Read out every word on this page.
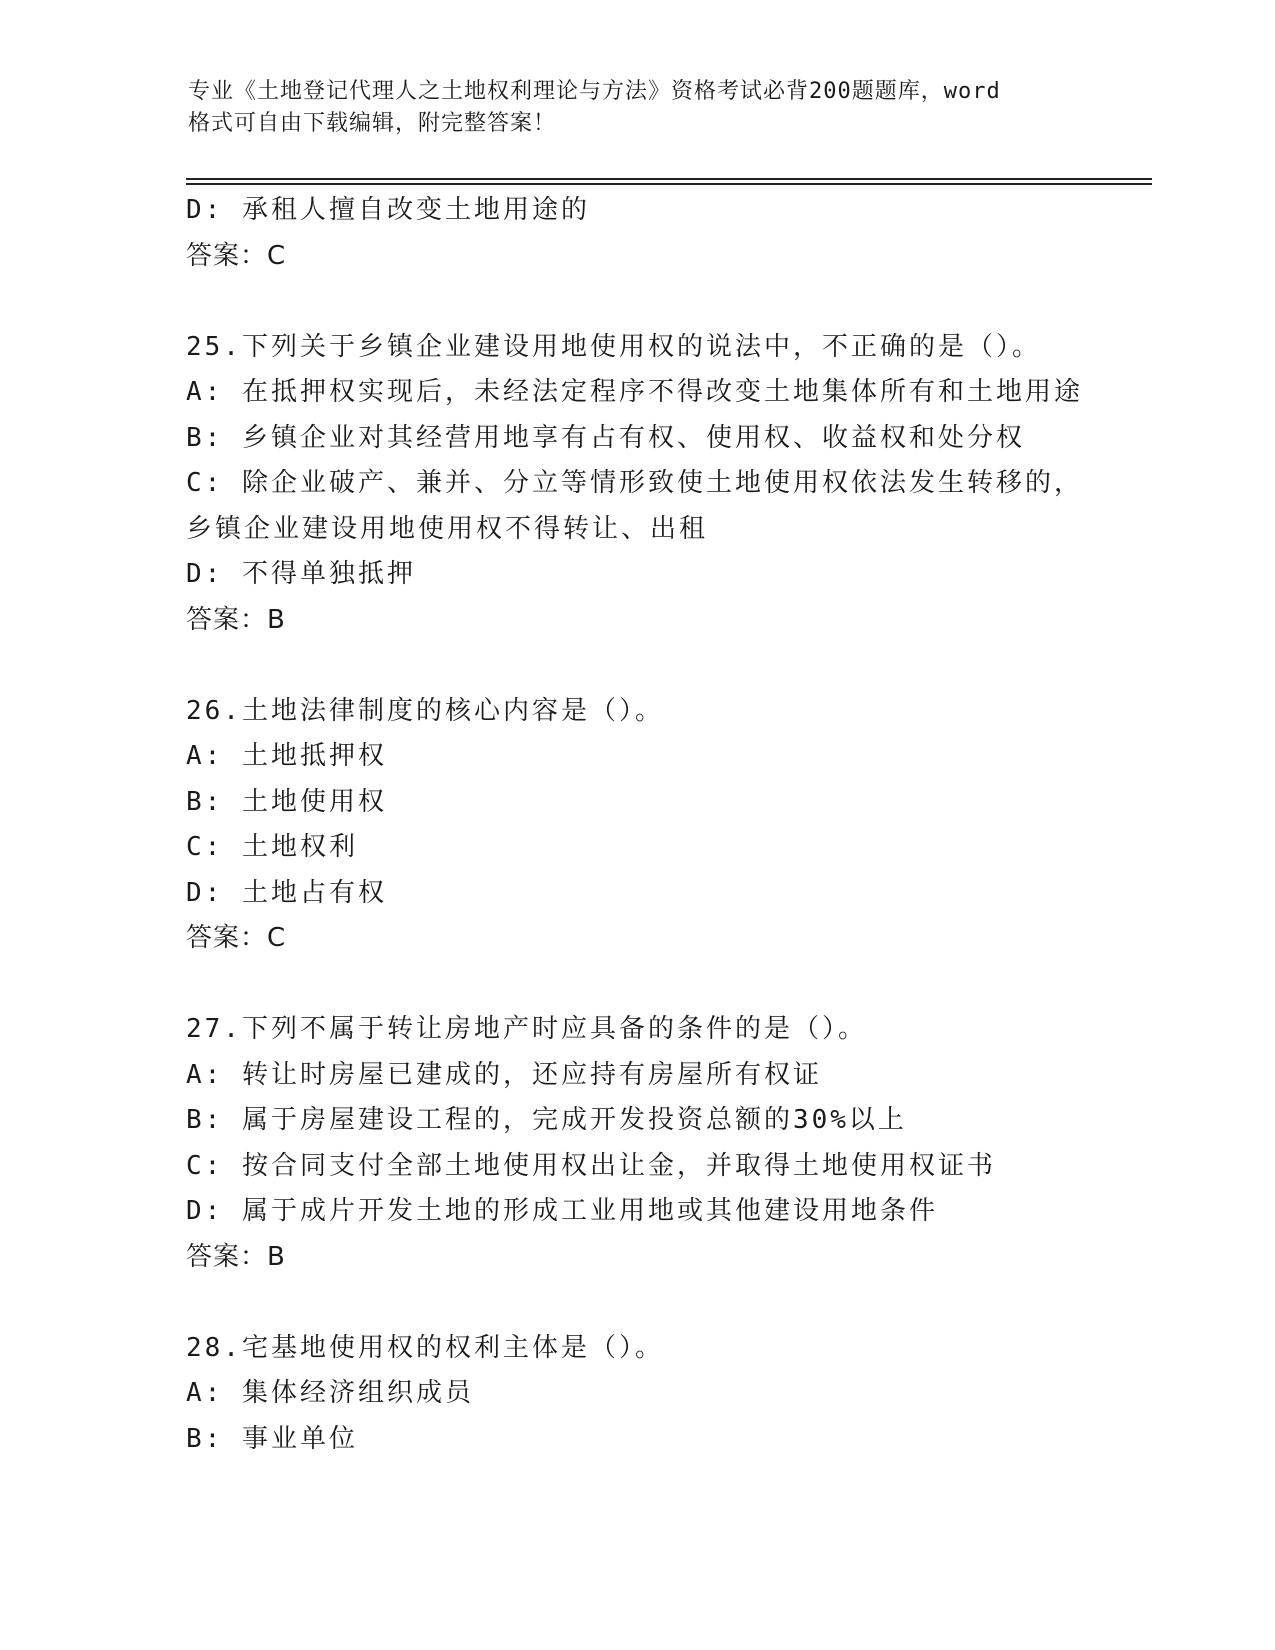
专业《土地登记代理人之土地权利理论与方法》资格考试必背200题题库，word
格式可自由下载编辑，附完整答案！
D: 承租人擅自改变土地用途的
答案：C
25.下列关于乡镇企业建设用地使用权的说法中，不正确的是（）。
A: 在抵押权实现后，未经法定程序不得改变土地集体所有和土地用途
B: 乡镇企业对其经营用地享有占有权、使用权、收益权和处分权
C: 除企业破产、兼并、分立等情形致使土地使用权依法发生转移的，
乡镇企业建设用地使用权不得转让、出租
D: 不得单独抵押
答案：B
26.土地法律制度的核心内容是（）。
A: 土地抵押权
B: 土地使用权
C: 土地权利
D: 土地占有权
答案：C
27.下列不属于转让房地产时应具备的条件的是（）。
A: 转让时房屋已建成的，还应持有房屋所有权证
B: 属于房屋建设工程的，完成开发投资总额的30%以上
C: 按合同支付全部土地使用权出让金，并取得土地使用权证书
D: 属于成片开发土地的形成工业用地或其他建设用地条件
答案：B
28.宅基地使用权的权利主体是（）。
A: 集体经济组织成员
B: 事业单位
